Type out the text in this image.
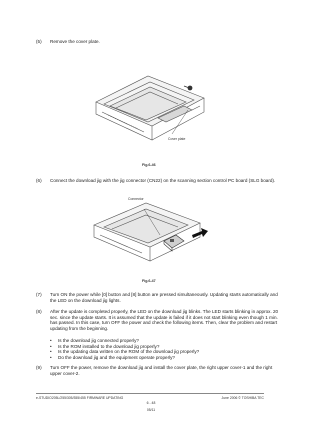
(5) Remove the cover plate.
Cover plate
Fig.6-46
(6) Connect the download jig with the jig connector (CN22) on the scanning section control PC board (SLG board).
Connector
Fig.6-47
(7) Turn ON the power while [0] button and [8] button are pressed simultaneously. Updating starts automatically and the LED on the download jig lights.
(8) After the update is completed properly, the LED on the download jig blinks. The LED starts blinking in approx. 20 sec. since the update starts. It is assumed that the update is failed if it does not start blinking even though 1 min. has passed. In this case, turn OFF the power and check the following items. Then, clear the problem and restart updating from the beginning.
• Is the download jig connected properly?
• Is the ROM installed to the download jig properly?
• Is the updating data written on the ROM of the download jig properly?
• Do the download jig and the equipment operate properly?
(9) Turn OFF the power, remove the download jig and install the cover plate, the right upper cover-1 and the right upper cover-2.
e-STUDIO205L/255/305/355/455 FIRMWARE UPDATING	June 2006 © TOSHIBA TEC
6 - 48
05/11
